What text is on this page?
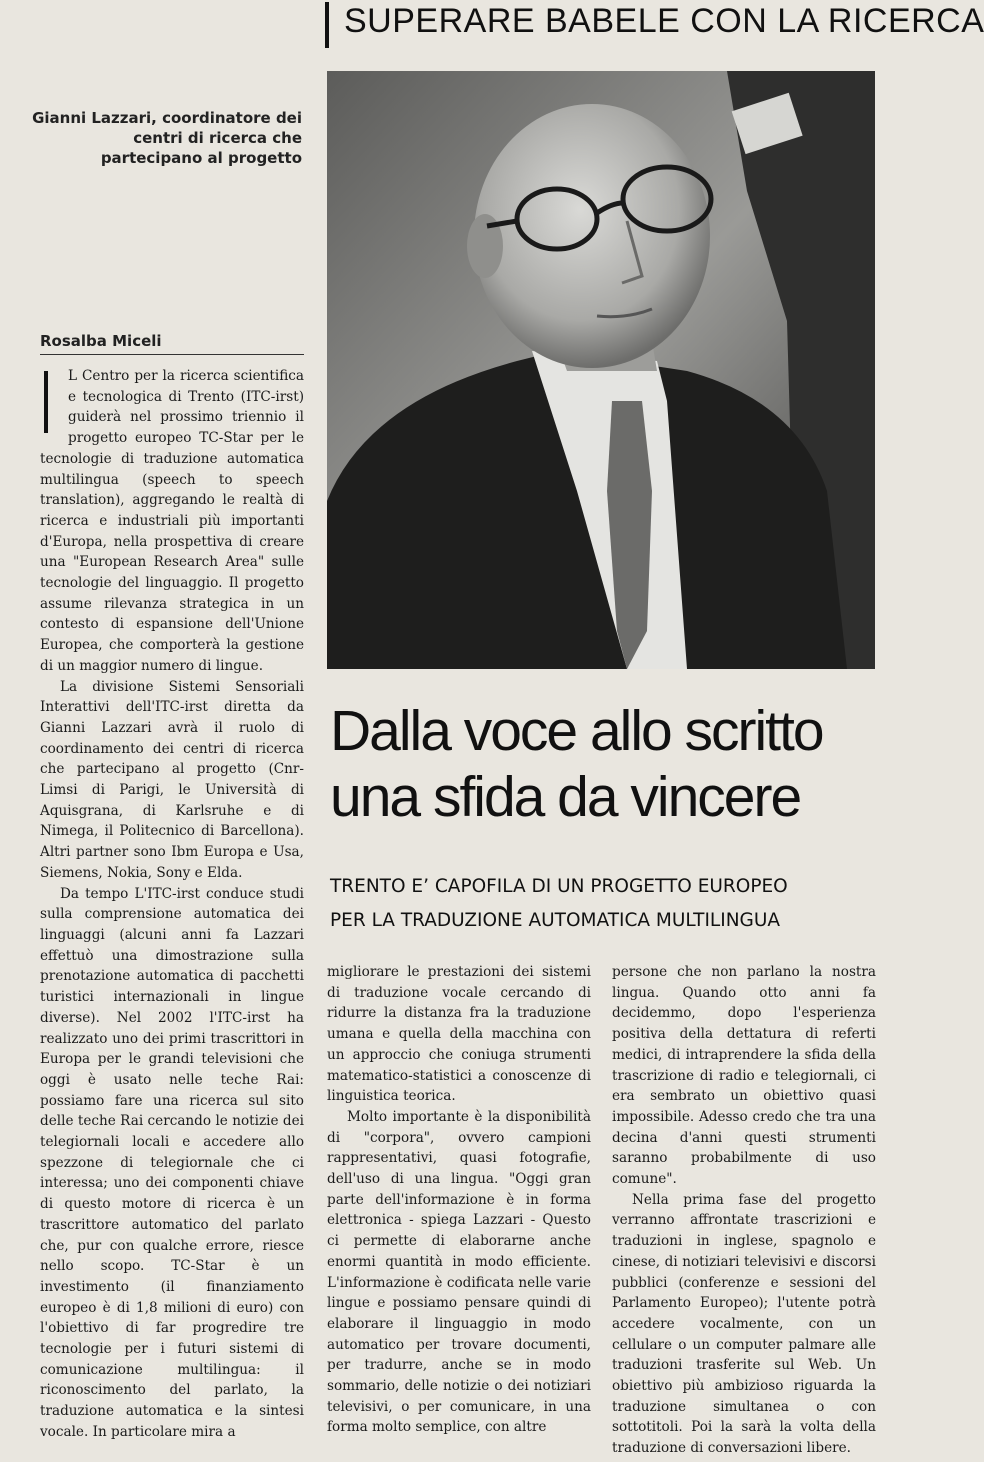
SUPERARE BABELE CON LA RICERCA
Gianni Lazzari, coordinatore dei centri di ricerca che partecipano al progetto
Rosalba Miceli

L Centro per la ricerca scientifica e tecnologica di Trento (ITC-irst) guiderà nel prossimo triennio il progetto europeo TC-Star per le tecnologie di traduzione automatica multilingua (speech to speech translation), aggregando le realtà di ricerca e industriali più importanti d'Europa, nella prospettiva di creare una "European Research Area" sulle tecnologie del linguaggio. Il progetto assume rilevanza strategica in un contesto di espansione dell'Unione Europea, che comporterà la gestione di un maggior numero di lingue.

La divisione Sistemi Sensoriali Interattivi dell'ITC-irst diretta da Gianni Lazzari avrà il ruolo di coordinamento dei centri di ricerca che partecipano al progetto (Cnr-Limsi di Parigi, le Università di Aquisgrana, di Karlsruhe e di Nimega, il Politecnico di Barcellona). Altri partner sono Ibm Europa e Usa, Siemens, Nokia, Sony e Elda.

Da tempo L'ITC-irst conduce studi sulla comprensione automatica dei linguaggi (alcuni anni fa Lazzari effettuò una dimostrazione sulla prenotazione automatica di pacchetti turistici internazionali in lingue diverse). Nel 2002 l'ITC-irst ha realizzato uno dei primi trascrittori in Europa per le grandi televisioni che oggi è usato nelle teche Rai: possiamo fare una ricerca sul sito delle teche Rai cercando le notizie dei telegiornali locali e accedere allo spezzone di telegiornale che ci interessa; uno dei componenti chiave di questo motore di ricerca è un trascrittore automatico del parlato che, pur con qualche errore, riesce nello scopo. TC-Star è un investimento (il finanziamento europeo è di 1,8 milioni di euro) con l'obiettivo di far progredire tre tecnologie per i futuri sistemi di comunicazione multilingua: il riconoscimento del parlato, la traduzione automatica e la sintesi vocale. In particolare mira a

Dalla voce allo scritto
una sfida da vincere
TRENTO E’ CAPOFILA DI UN PROGETTO EUROPEO
PER LA TRADUZIONE AUTOMATICA MULTILINGUA

migliorare le prestazioni dei sistemi di traduzione vocale cercando di ridurre la distanza fra la traduzione umana e quella della macchina con un approccio che coniuga strumenti matematico-statistici a conoscenze di linguistica teorica.

Molto importante è la disponibilità di "corpora", ovvero campioni rappresentativi, quasi fotografie, dell'uso di una lingua. "Oggi gran parte dell'informazione è in forma elettronica - spiega Lazzari - Questo ci permette di elaborarne anche enormi quantità in modo efficiente. L'informazione è codificata nelle varie lingue e possiamo pensare quindi di elaborare il linguaggio in modo automatico per trovare documenti, per tradurre, anche se in modo sommario, delle notizie o dei notiziari televisivi, o per comunicare, in una forma molto semplice, con altre

persone che non parlano la nostra lingua. Quando otto anni fa decidemmo, dopo l'esperienza positiva della dettatura di referti medici, di intraprendere la sfida della trascrizione di radio e telegiornali, ci era sembrato un obiettivo quasi impossibile. Adesso credo che tra una decina d'anni questi strumenti saranno probabilmente di uso comune".

Nella prima fase del progetto verranno affrontate trascrizioni e traduzioni in inglese, spagnolo e cinese, di notiziari televisivi e discorsi pubblici (conferenze e sessioni del Parlamento Europeo); l'utente potrà accedere vocalmente, con un cellulare o un computer palmare alle traduzioni trasferite sul Web. Un obiettivo più ambizioso riguarda la traduzione simultanea o con sottotitoli. Poi la sarà la volta della traduzione di conversazioni libere.
